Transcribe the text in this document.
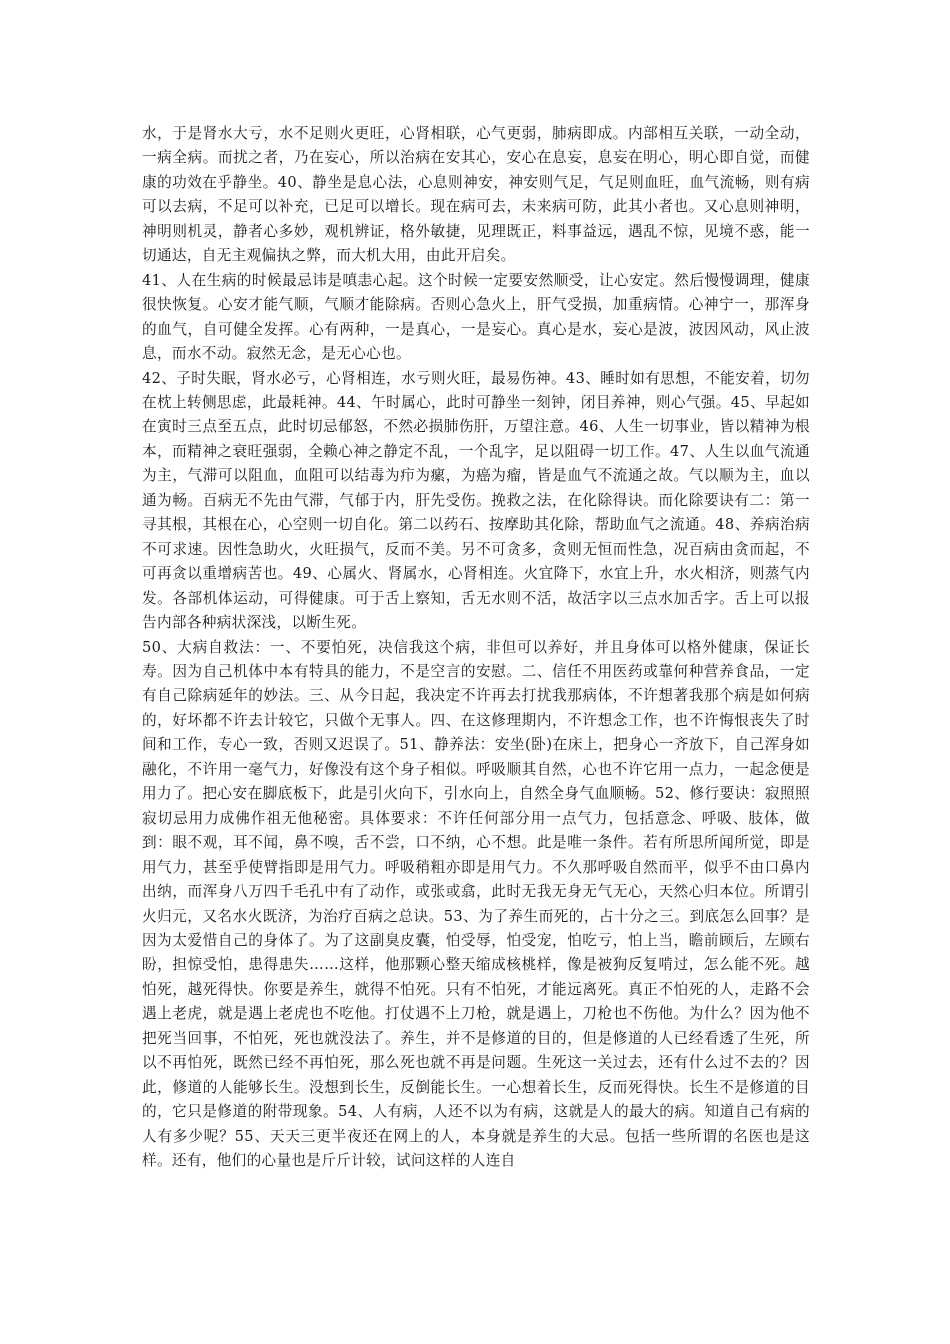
水，于是肾水大亏，水不足则火更旺，心肾相联，心气更弱，肺病即成。内部相互关联，一动全动，一病全病。而扰之者，乃在妄心，所以治病在安其心，安心在息妄，息妄在明心，明心即自觉，而健康的功效在乎静坐。40、静坐是息心法，心息则神安，神安则气足，气足则血旺，血气流畅，则有病可以去病，不足可以补充，已足可以增长。现在病可去，未来病可防，此其小者也。又心息则神明，神明则机灵，静者心多妙，观机辨证，格外敏捷，见理既正，料事益远，遇乱不惊，见境不惑，能一切通达，自无主观偏执之弊，而大机大用，由此开启矣。

41、人在生病的时候最忌讳是嗔恚心起。这个时候一定要安然顺受，让心安定。然后慢慢调理，健康很快恢复。心安才能气顺，气顺才能除病。否则心急火上，肝气受损，加重病情。心神宁一，那浑身的血气，自可健全发挥。心有两种，一是真心，一是妄心。真心是水，妄心是波，波因风动，风止波息，而水不动。寂然无念，是无心心也。

42、子时失眠，肾水必亏，心肾相连，水亏则火旺，最易伤神。43、睡时如有思想，不能安着，切勿在枕上转侧思虑，此最耗神。44、午时属心，此时可静坐一刻钟，闭目养神，则心气强。45、早起如在寅时三点至五点，此时切忌郁怒，不然必损肺伤肝，万望注意。46、人生一切事业，皆以精神为根本，而精神之衰旺强弱，全赖心神之静定不乱，一个乱字，足以阻碍一切工作。47、人生以血气流通为主，气滞可以阻血，血阻可以结毒为疖为瘰，为癌为瘤，皆是血气不流通之故。气以顺为主，血以通为畅。百病无不先由气滞，气郁于内，肝先受伤。挽救之法，在化除得诀。而化除要诀有二：第一寻其根，其根在心，心空则一切自化。第二以药石、按摩助其化除，帮助血气之流通。48、养病治病不可求速。因性急助火，火旺损气，反而不美。另不可贪多，贪则无恒而性急，况百病由贪而起，不可再贪以重增病苦也。49、心属火、肾属水，心肾相连。火宜降下，水宜上升，水火相济，则蒸气内发。各部机体运动，可得健康。可于舌上察知，舌无水则不活，故活字以三点水加舌字。舌上可以报告内部各种病状深浅，以断生死。

50、大病自救法：一、不要怕死，决信我这个病，非但可以养好，并且身体可以格外健康，保证长寿。因为自己机体中本有特具的能力，不是空言的安慰。二、信任不用医药或靠何种营养食品，一定有自己除病延年的妙法。三、从今日起，我决定不许再去打扰我那病体，不许想著我那个病是如何病的，好坏都不许去计较它，只做个无事人。四、在这修理期内，不许想念工作，也不许悔恨丧失了时间和工作，专心一致，否则又迟误了。51、静养法：安坐(卧)在床上，把身心一齐放下，自己浑身如融化，不许用一毫气力，好像没有这个身子相似。呼吸顺其自然，心也不许它用一点力，一起念便是用力了。把心安在脚底板下，此是引火向下，引水向上，自然全身气血顺畅。52、修行要诀：寂照照寂切忌用力成佛作祖无他秘密。具体要求：不许任何部分用一点气力，包括意念、呼吸、肢体，做到：眼不观，耳不闻，鼻不嗅，舌不尝，口不纳，心不想。此是唯一条件。若有所思所闻所觉，即是用气力，甚至乎使臂指即是用气力。呼吸稍粗亦即是用气力。不久那呼吸自然而平，似乎不由口鼻内出纳，而浑身八万四千毛孔中有了动作，或张或翕，此时无我无身无气无心，天然心归本位。所谓引火归元，又名水火既济，为治疗百病之总诀。53、为了养生而死的，占十分之三。到底怎么回事？是因为太爱惜自己的身体了。为了这副臭皮囊，怕受辱，怕受宠，怕吃亏，怕上当，瞻前顾后，左顾右盼，担惊受怕，患得患失……这样，他那颗心整天缩成核桃样，像是被狗反复啃过，怎么能不死。越怕死，越死得快。你要是养生，就得不怕死。只有不怕死，才能远离死。真正不怕死的人，走路不会遇上老虎，就是遇上老虎也不吃他。打仗遇不上刀枪，就是遇上，刀枪也不伤他。为什么？因为他不把死当回事，不怕死，死也就没法了。养生，并不是修道的目的，但是修道的人已经看透了生死，所以不再怕死，既然已经不再怕死，那么死也就不再是问题。生死这一关过去，还有什么过不去的？因此，修道的人能够长生。没想到长生，反倒能长生。一心想着长生，反而死得快。长生不是修道的目的，它只是修道的附带现象。54、人有病，人还不以为有病，这就是人的最大的病。知道自己有病的人有多少呢？55、天天三更半夜还在网上的人，本身就是养生的大忌。包括一些所谓的名医也是这样。还有，他们的心量也是斤斤计较，试问这样的人连自
